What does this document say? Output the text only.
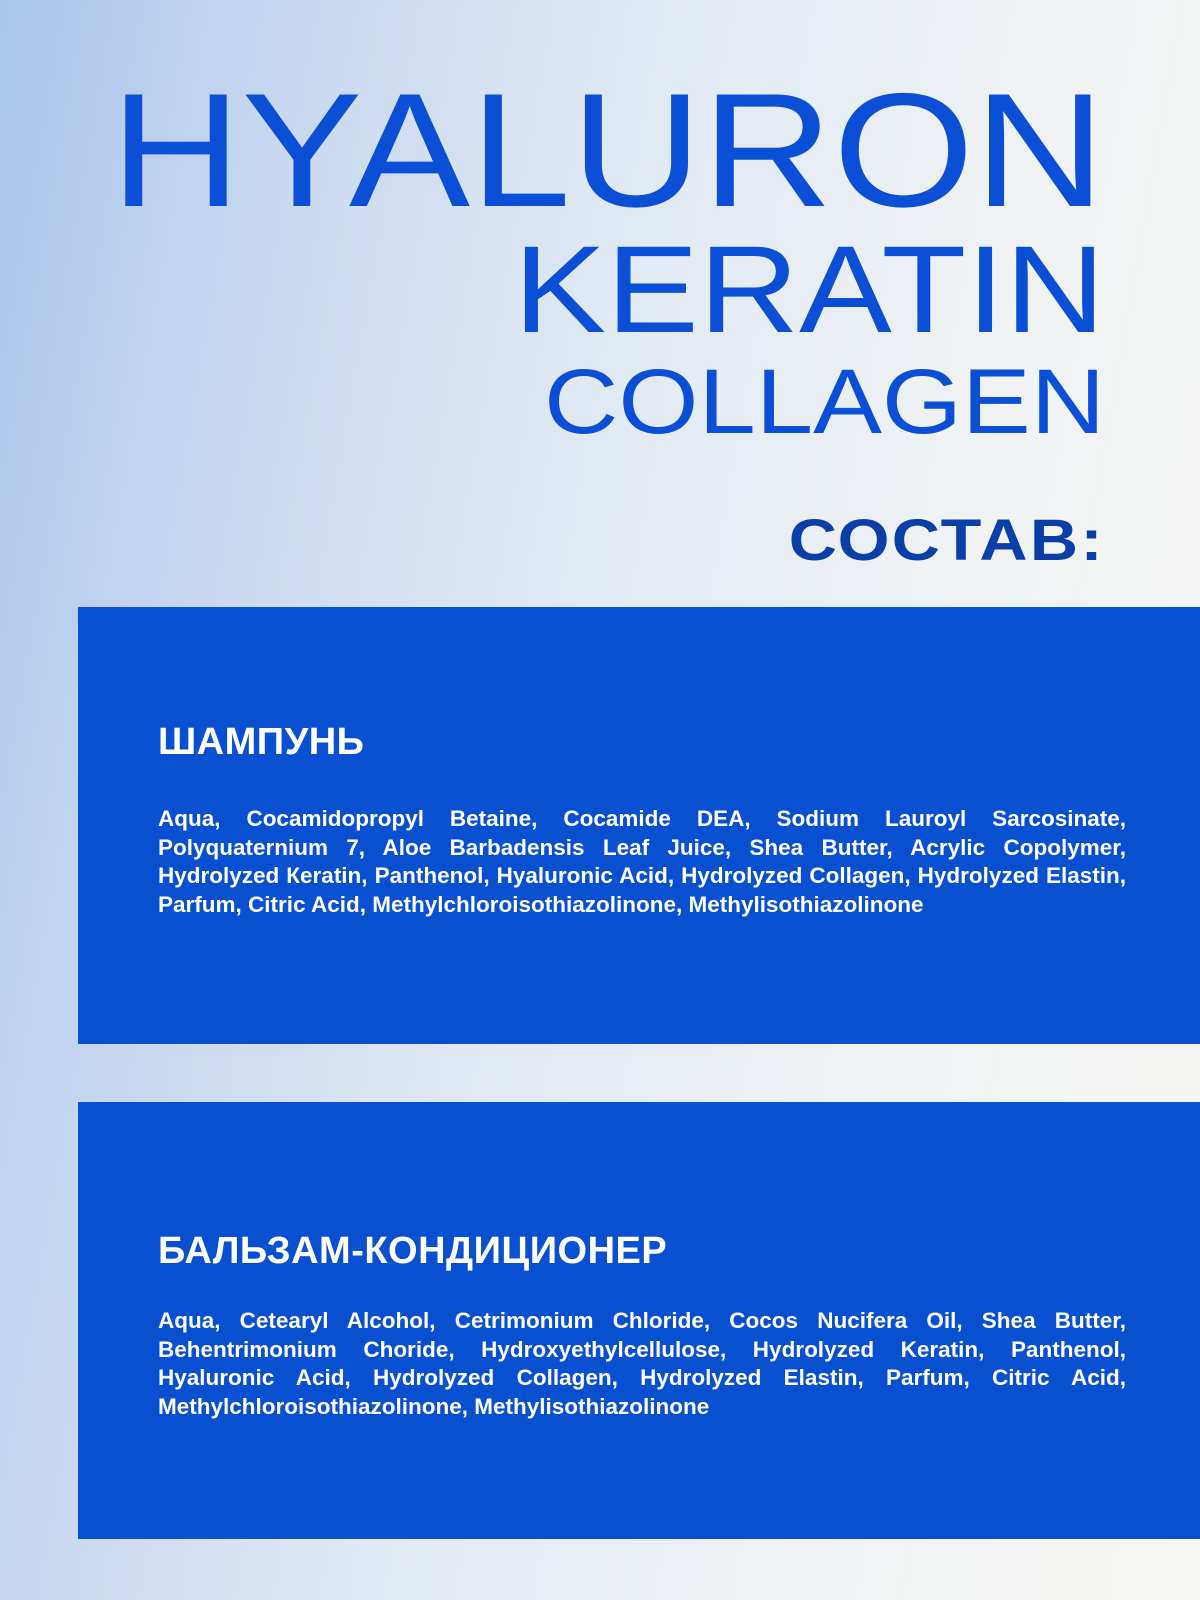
HYALURON
KERATIN
COLLAGEN
СОСТАВ:
ШАМПУНЬ
Aqua, Cocamidopropyl Betaine, Cocamide DEA, Sodium Lauroyl Sarcosinate, Polyquaternium 7, Aloe Barbadensis Leaf Juice, Shea Butter, Acrylic Copolymer, Hydrolyzed Кeratin, Panthenol, Hyaluronic Acid, Hydrolyzed Collagen, Hydrolyzed Elastin, Parfum, Citric Acid, Methylchloroisothiazolinone, Methylisothiazolinone
БАЛЬЗАМ-КОНДИЦИОНЕР
Aqua, Cetearyl Alcohol, Cetrimonium Chloride, Cocos Nucifera Oil, Shea Butter, Behentrimonium Choride, Hydroxyethylcellulose, Hydrolyzed Keratin, Panthenol, Hyaluronic Acid, Hydrolyzed Collagen, Hydrolyzed Elastin, Parfum, Citric Acid, Methylchloroisothiazolinone, Methylisothiazolinone
